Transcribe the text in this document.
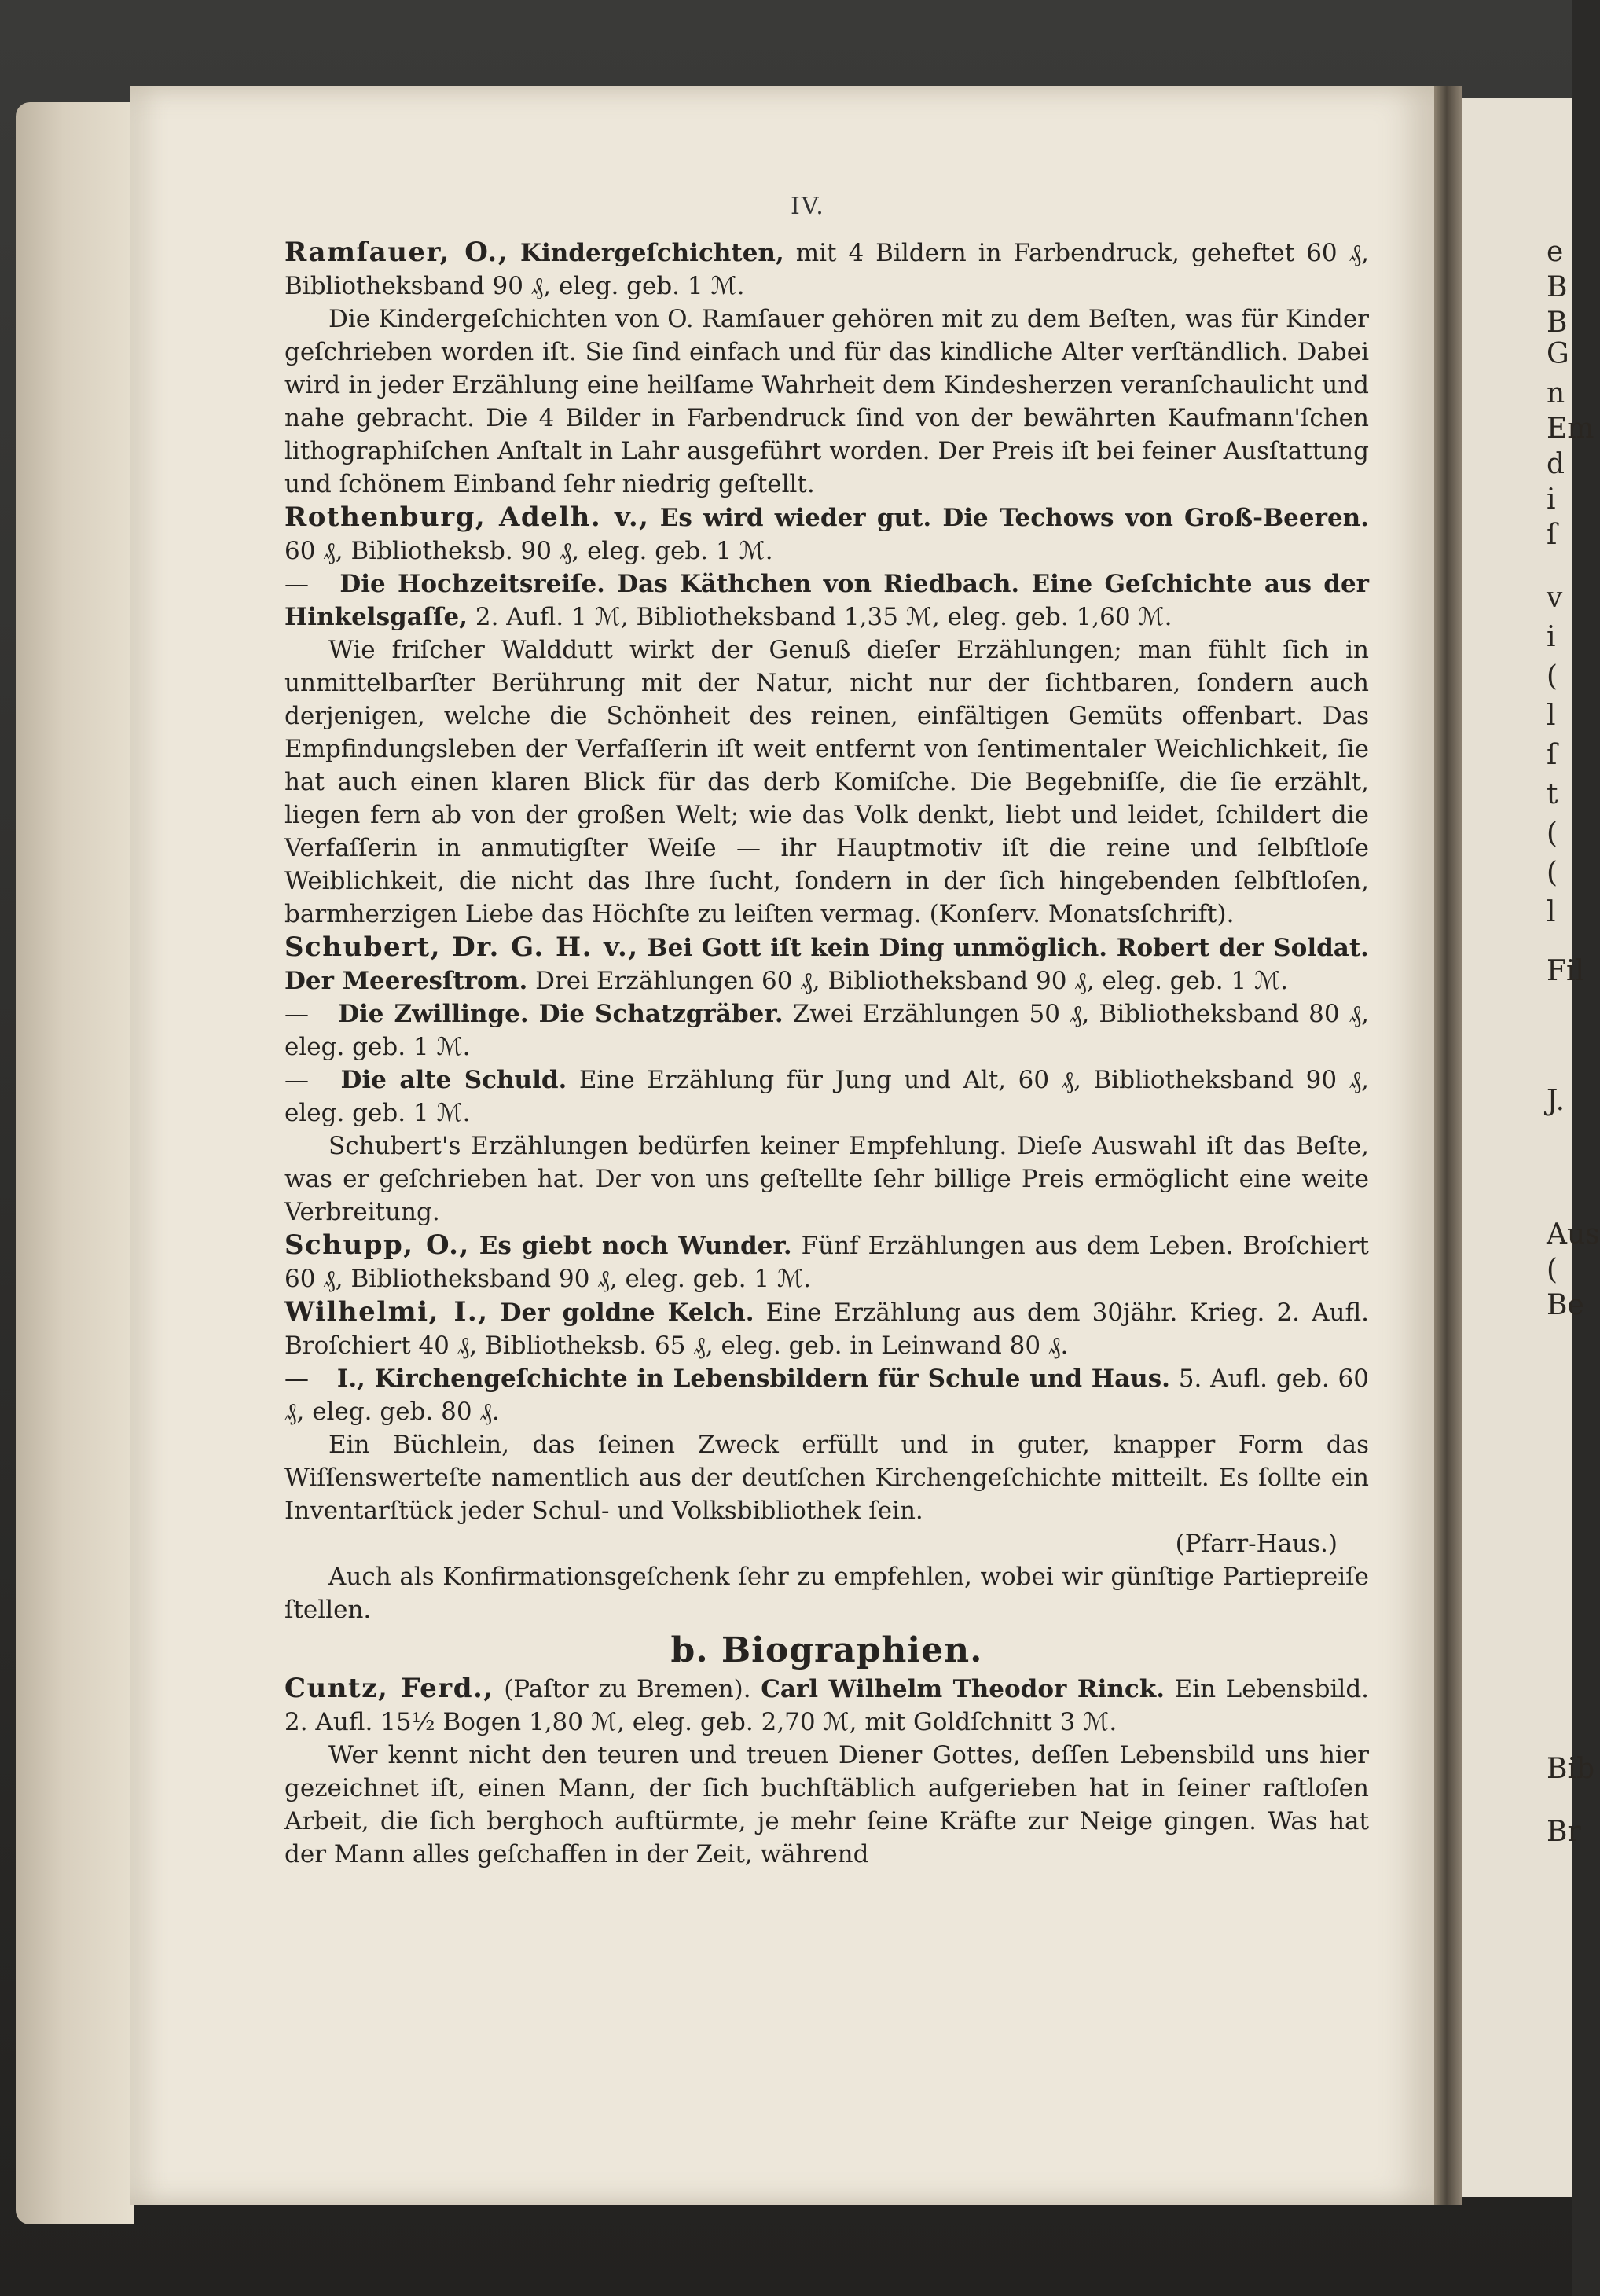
e
B
B
G
n
Em
d
i
ſ
v
i
(
l
ſ
t
(
(
l
Fil
J.
Aus
(
Be
Bib
Br
IV.

Ramſauer, O., Kindergeſchichten, mit 4 Bildern in Farbendruck, geheftet 60 ₰, Bibliotheksband 90 ₰, eleg. geb. 1 ℳ.

Die Kindergeſchichten von O. Ramſauer gehören mit zu dem Beſten, was für Kinder geſchrieben worden iſt. Sie ſind einfach und für das kindliche Alter verſtändlich. Dabei wird in jeder Erzählung eine heilſame Wahrheit dem Kindesherzen veranſchaulicht und nahe gebracht. Die 4 Bilder in Farbendruck ſind von der bewährten Kaufmann'ſchen lithographiſchen Anſtalt in Lahr ausgeführt worden. Der Preis iſt bei feiner Ausſtattung und ſchönem Einband ſehr niedrig geſtellt.

Rothenburg, Adelh. v., Es wird wieder gut. Die Techows von Groß-Beeren. 60 ₰, Bibliotheksb. 90 ₰, eleg. geb. 1 ℳ.

— Die Hochzeitsreiſe. Das Käthchen von Riedbach. Eine Geſchichte aus der Hinkelsgaſſe, 2. Aufl. 1 ℳ, Bibliotheksband 1,35 ℳ, eleg. geb. 1,60 ℳ.

Wie friſcher Walddutt wirkt der Genuß dieſer Erzählungen; man fühlt ſich in unmittelbarſter Berührung mit der Natur, nicht nur der ſichtbaren, ſondern auch derjenigen, welche die Schönheit des reinen, einfältigen Gemüts offenbart. Das Empfindungsleben der Verfaſſerin iſt weit entfernt von ſentimentaler Weichlichkeit, ſie hat auch einen klaren Blick für das derb Komiſche. Die Begebniſſe, die ſie erzählt, liegen fern ab von der großen Welt; wie das Volk denkt, liebt und leidet, ſchildert die Verfaſſerin in anmutigſter Weiſe — ihr Hauptmotiv iſt die reine und ſelbſtloſe Weiblichkeit, die nicht das Ihre ſucht, ſondern in der ſich hingebenden ſelbſtloſen, barmherzigen Liebe das Höchſte zu leiſten vermag. (Konſerv. Monatsſchrift).

Schubert, Dr. G. H. v., Bei Gott iſt kein Ding unmöglich. Robert der Soldat. Der Meeresſtrom. Drei Erzählungen 60 ₰, Bibliotheksband 90 ₰, eleg. geb. 1 ℳ.

— Die Zwillinge. Die Schatzgräber. Zwei Erzählungen 50 ₰, Bibliotheksband 80 ₰, eleg. geb. 1 ℳ.

— Die alte Schuld. Eine Erzählung für Jung und Alt, 60 ₰, Bibliotheksband 90 ₰, eleg. geb. 1 ℳ.

Schubert's Erzählungen bedürfen keiner Empfehlung. Dieſe Auswahl iſt das Beſte, was er geſchrieben hat. Der von uns geſtellte ſehr billige Preis ermöglicht eine weite Verbreitung.

Schupp, O., Es giebt noch Wunder. Fünf Erzählungen aus dem Leben. Broſchiert 60 ₰, Bibliotheksband 90 ₰, eleg. geb. 1 ℳ.

Wilhelmi, I., Der goldne Kelch. Eine Erzählung aus dem 30jähr. Krieg. 2. Aufl. Broſchiert 40 ₰, Bibliotheksb. 65 ₰, eleg. geb. in Leinwand 80 ₰.

— I., Kirchengeſchichte in Lebensbildern für Schule und Haus. 5. Aufl. geb. 60 ₰, eleg. geb. 80 ₰.

Ein Büchlein, das ſeinen Zweck erfüllt und in guter, knapper Form das Wiſſenswerteſte namentlich aus der deutſchen Kirchengeſchichte mitteilt. Es ſollte ein Inventarſtück jeder Schul- und Volksbibliothek ſein.

(Pfarr-Haus.)

Auch als Konfirmationsgeſchenk ſehr zu empfehlen, wobei wir günſtige Partiepreiſe ſtellen.

b. Biographien.

Cuntz, Ferd., (Paſtor zu Bremen). Carl Wilhelm Theodor Rinck. Ein Lebensbild. 2. Aufl. 15½ Bogen 1,80 ℳ, eleg. geb. 2,70 ℳ, mit Goldſchnitt 3 ℳ.

Wer kennt nicht den teuren und treuen Diener Gottes, deſſen Lebensbild uns hier gezeichnet iſt, einen Mann, der ſich buchſtäblich aufgerieben hat in ſeiner raſtloſen Arbeit, die ſich berghoch auftürmte, je mehr ſeine Kräfte zur Neige gingen. Was hat der Mann alles geſchaffen in der Zeit, während
